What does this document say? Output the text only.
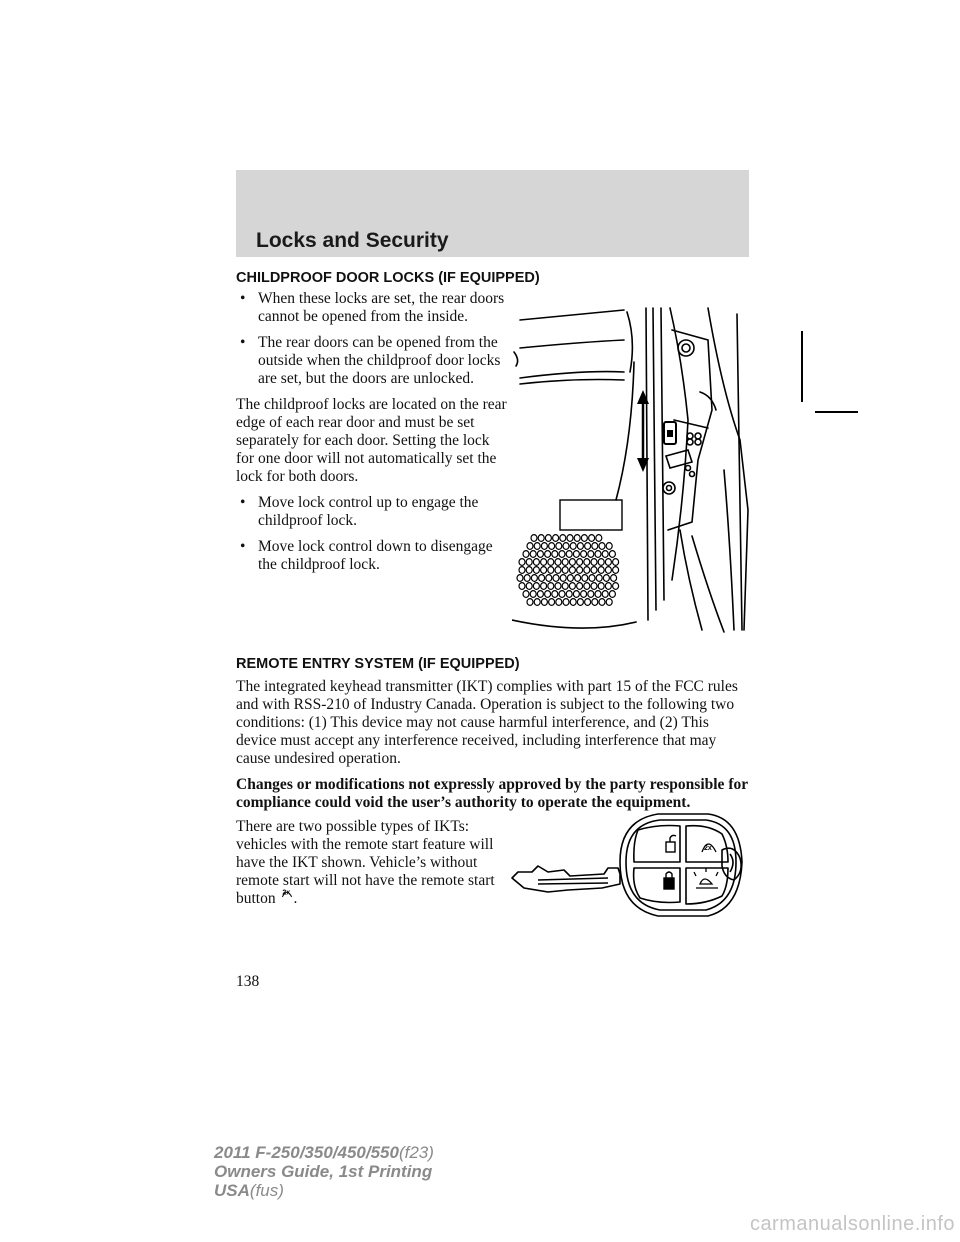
Locks and Security
CHILDPROOF DOOR LOCKS (IF EQUIPPED)
• When these locks are set, the rear doors cannot be opened from the inside.
• The rear doors can be opened from the outside when the childproof door locks are set, but the doors are unlocked.

The childproof locks are located on the rear edge of each rear door and must be set separately for each door. Setting the lock for one door will not automatically set the lock for both doors.

• Move lock control up to engage the childproof lock.
• Move lock control down to disengage the childproof lock.
REMOTE ENTRY SYSTEM (IF EQUIPPED)

The integrated keyhead transmitter (IKT) complies with part 15 of the FCC rules and with RSS-210 of Industry Canada. Operation is subject to the following two conditions: (1) This device may not cause harmful interference, and (2) This device must accept any interference received, including interference that may cause undesired operation.

Changes or modifications not expressly approved by the party responsible for compliance could void the user’s authority to operate the equipment.

There are two possible types of IKTs: vehicles with the remote start feature will have the IKT shown. Vehicle’s without remote start will not have the remote start button 2x .

2x
138
2011 F-250/350/450/550(f23)
Owners Guide, 1st Printing
USA(fus)
carmanualsonline.info
